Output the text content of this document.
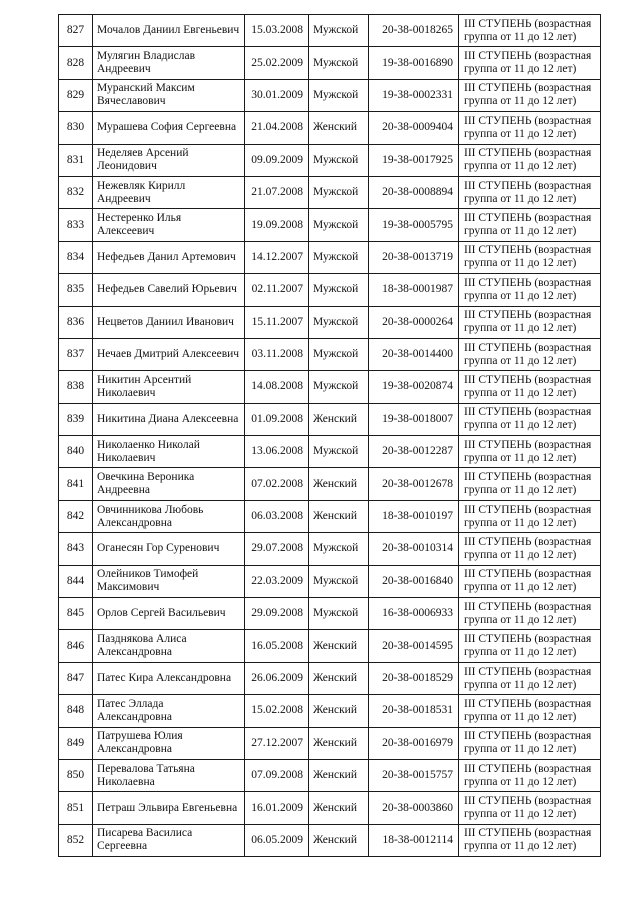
827	Мочалов Даниил Евгеньевич	15.03.2008	Мужской	20-38-0018265	III СТУПЕНЬ (возрастная группа от 11 до 12 лет)
828	Мулягин Владислав Андреевич	25.02.2009	Мужской	19-38-0016890	III СТУПЕНЬ (возрастная группа от 11 до 12 лет)
829	Муранский Максим Вячеславович	30.01.2009	Мужской	19-38-0002331	III СТУПЕНЬ (возрастная группа от 11 до 12 лет)
830	Мурашева София Сергеевна	21.04.2008	Женский	20-38-0009404	III СТУПЕНЬ (возрастная группа от 11 до 12 лет)
831	Неделяев Арсений Леонидович	09.09.2009	Мужской	19-38-0017925	III СТУПЕНЬ (возрастная группа от 11 до 12 лет)
832	Нежевляк Кирилл Андреевич	21.07.2008	Мужской	20-38-0008894	III СТУПЕНЬ (возрастная группа от 11 до 12 лет)
833	Нестеренко Илья Алексеевич	19.09.2008	Мужской	19-38-0005795	III СТУПЕНЬ (возрастная группа от 11 до 12 лет)
834	Нефедьев Данил Артемович	14.12.2007	Мужской	20-38-0013719	III СТУПЕНЬ (возрастная группа от 11 до 12 лет)
835	Нефедьев Савелий Юрьевич	02.11.2007	Мужской	18-38-0001987	III СТУПЕНЬ (возрастная группа от 11 до 12 лет)
836	Нецветов Даниил Иванович	15.11.2007	Мужской	20-38-0000264	III СТУПЕНЬ (возрастная группа от 11 до 12 лет)
837	Нечаев Дмитрий Алексеевич	03.11.2008	Мужской	20-38-0014400	III СТУПЕНЬ (возрастная группа от 11 до 12 лет)
838	Никитин Арсентий Николаевич	14.08.2008	Мужской	19-38-0020874	III СТУПЕНЬ (возрастная группа от 11 до 12 лет)
839	Никитина Диана Алексеевна	01.09.2008	Женский	19-38-0018007	III СТУПЕНЬ (возрастная группа от 11 до 12 лет)
840	Николаенко Николай Николаевич	13.06.2008	Мужской	20-38-0012287	III СТУПЕНЬ (возрастная группа от 11 до 12 лет)
841	Овечкина Вероника Андреевна	07.02.2008	Женский	20-38-0012678	III СТУПЕНЬ (возрастная группа от 11 до 12 лет)
842	Овчинникова Любовь Александровна	06.03.2008	Женский	18-38-0010197	III СТУПЕНЬ (возрастная группа от 11 до 12 лет)
843	Оганесян Гор Суренович	29.07.2008	Мужской	20-38-0010314	III СТУПЕНЬ (возрастная группа от 11 до 12 лет)
844	Олейников Тимофей Максимович	22.03.2009	Мужской	20-38-0016840	III СТУПЕНЬ (возрастная группа от 11 до 12 лет)
845	Орлов Сергей Васильевич	29.09.2008	Мужской	16-38-0006933	III СТУПЕНЬ (возрастная группа от 11 до 12 лет)
846	Пазднякова Алиса Александровна	16.05.2008	Женский	20-38-0014595	III СТУПЕНЬ (возрастная группа от 11 до 12 лет)
847	Патес Кира Александровна	26.06.2009	Женский	20-38-0018529	III СТУПЕНЬ (возрастная группа от 11 до 12 лет)
848	Патес Эллада Александровна	15.02.2008	Женский	20-38-0018531	III СТУПЕНЬ (возрастная группа от 11 до 12 лет)
849	Патрушева Юлия Александровна	27.12.2007	Женский	20-38-0016979	III СТУПЕНЬ (возрастная группа от 11 до 12 лет)
850	Перевалова Татьяна Николаевна	07.09.2008	Женский	20-38-0015757	III СТУПЕНЬ (возрастная группа от 11 до 12 лет)
851	Петраш Эльвира Евгеньевна	16.01.2009	Женский	20-38-0003860	III СТУПЕНЬ (возрастная группа от 11 до 12 лет)
852	Писарева Василиса Сергеевна	06.05.2009	Женский	18-38-0012114	III СТУПЕНЬ (возрастная группа от 11 до 12 лет)
